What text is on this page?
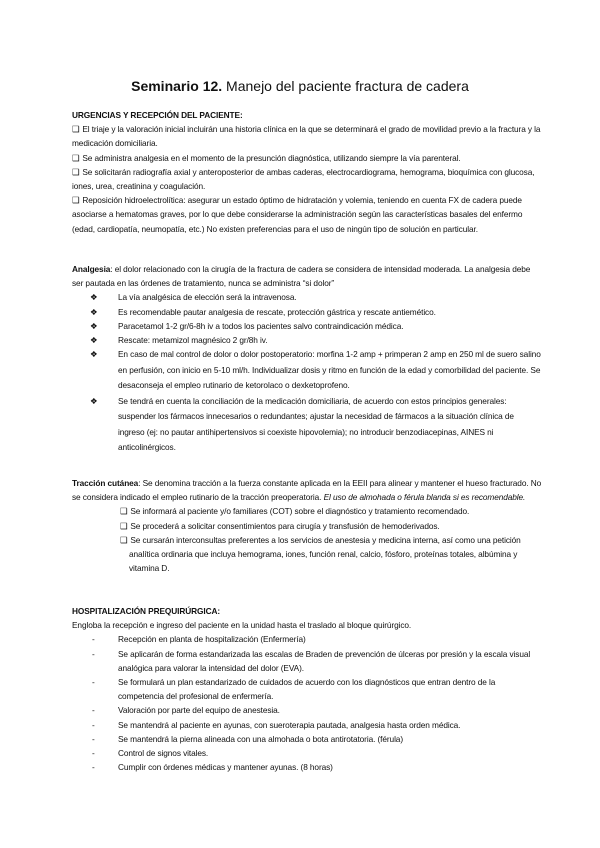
Seminario 12. Manejo del paciente fractura de cadera

URGENCIAS Y RECEPCIÓN DEL PACIENTE:

❑ El triaje y la valoración inicial incluirán una historia clínica en la que se determinará el grado de movilidad previo a la fractura y la medicación domiciliaria.

❑ Se administra analgesia en el momento de la presunción diagnóstica, utilizando siempre la vía parenteral.

❑ Se solicitarán radiografía axial y anteroposterior de ambas caderas, electrocardiograma, hemograma, bioquímica con glucosa, iones, urea, creatinina y coagulación.

❑ Reposición hidroelectrolítica: asegurar un estado óptimo de hidratación y volemia, teniendo en cuenta FX de cadera puede asociarse a hematomas graves, por lo que debe considerarse la administración según las características basales del enfermo (edad, cardiopatía, neumopatía, etc.) No existen preferencias para el uso de ningún tipo de solución en particular.

Analgesia: el dolor relacionado con la cirugía de la fractura de cadera se considera de intensidad moderada. La analgesia debe ser pautada en las órdenes de tratamiento, nunca se administra “si dolor”

❖ La vía analgésica de elección será la intravenosa.
❖ Es recomendable pautar analgesia de rescate, protección gástrica y rescate antiemético.
❖ Paracetamol 1-2 gr/6-8h iv a todos los pacientes salvo contraindicación médica.
❖ Rescate: metamizol magnésico 2 gr/8h iv.
❖ En caso de mal control de dolor o dolor postoperatorio: morfina 1-2 amp + primperan 2 amp en 250 ml de suero salino en perfusión, con inicio en 5-10 ml/h. Individualizar dosis y ritmo en función de la edad y comorbilidad del paciente. Se desaconseja el empleo rutinario de ketorolaco o dexketoprofeno.
❖ Se tendrá en cuenta la conciliación de la medicación domiciliaria, de acuerdo con estos principios generales: suspender los fármacos innecesarios o redundantes; ajustar la necesidad de fármacos a la situación clínica de ingreso (ej: no pautar antihipertensivos si coexiste hipovolemia); no introducir benzodiacepinas, AINES ni anticolinérgicos.

Tracción cutánea: Se denomina tracción a la fuerza constante aplicada en la EEII para alinear y mantener el hueso fracturado. No se considera indicado el empleo rutinario de la tracción preoperatoria. El uso de almohada o férula blanda si es recomendable.

❑ Se informará al paciente y/o familiares (COT) sobre el diagnóstico y tratamiento recomendado.
❑ Se procederá a solicitar consentimientos para cirugía y transfusión de hemoderivados.
❑ Se cursarán interconsultas preferentes a los servicios de anestesia y medicina interna, así como una petición analítica ordinaria que incluya hemograma, iones, función renal, calcio, fósforo, proteínas totales, albúmina y vitamina D.

HOSPITALIZACIÓN PREQUIRÚRGICA:

Engloba la recepción e ingreso del paciente en la unidad hasta el traslado al bloque quirúrgico.

-	Recepción en planta de hospitalización (Enfermería)
-	Se aplicarán de forma estandarizada las escalas de Braden de prevención de úlceras por presión y la escala visual analógica para valorar la intensidad del dolor (EVA).
-	Se formulará un plan estandarizado de cuidados de acuerdo con los diagnósticos que entran dentro de la competencia del profesional de enfermería.
-	Valoración por parte del equipo de anestesia.
-	Se mantendrá al paciente en ayunas, con sueroterapia pautada, analgesia hasta orden médica.
-	Se mantendrá la pierna alineada con una almohada o bota antirotatoria. (férula)
-	Control de signos vitales.
-	Cumplir con órdenes médicas y mantener ayunas. (8 horas)
